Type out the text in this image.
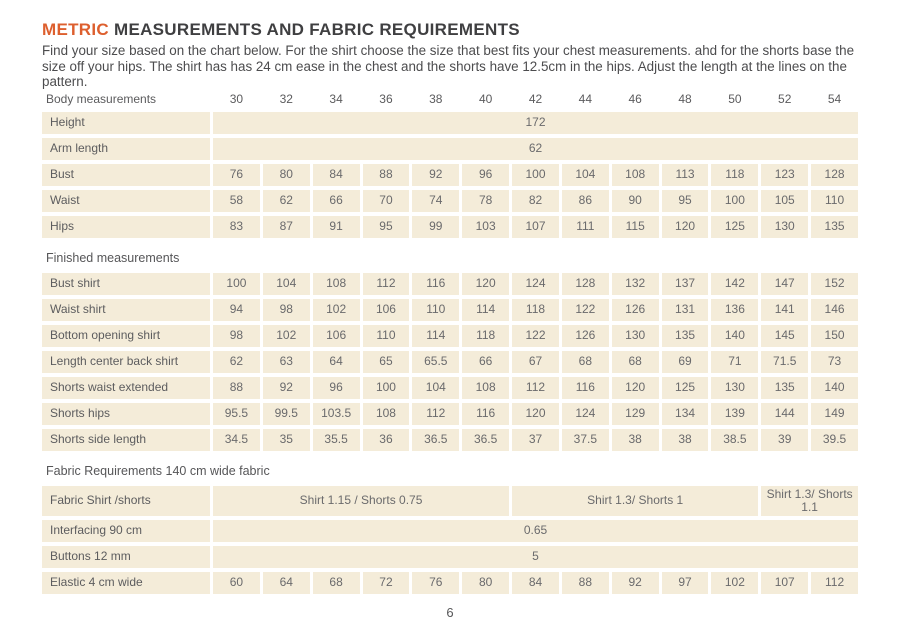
METRIC MEASUREMENTS AND FABRIC REQUIREMENTS

Find your size based on the chart below. For the shirt choose the size that best fits your chest measurements. ahd for the shorts base the size off your hips. The shirt has has 24 cm ease in the chest and the shorts have 12.5cm in the hips. Adjust the length at the lines on the pattern.

Body measurements	30	32	34	36	38	40	42	44	46	48	50	52	54
Height	172
Arm length	62
Bust	76	80	84	88	92	96	100	104	108	113	118	123	128
Waist	58	62	66	70	74	78	82	86	90	95	100	105	110
Hips	83	87	91	95	99	103	107	111	115	120	125	130	135
Finished measurements
Bust shirt	100	104	108	112	116	120	124	128	132	137	142	147	152
Waist shirt	94	98	102	106	110	114	118	122	126	131	136	141	146
Bottom opening shirt	98	102	106	110	114	118	122	126	130	135	140	145	150
Length center back shirt	62	63	64	65	65.5	66	67	68	68	69	71	71.5	73
Shorts waist extended	88	92	96	100	104	108	112	116	120	125	130	135	140
Shorts hips	95.5	99.5	103.5	108	112	116	120	124	129	134	139	144	149
Shorts side length	34.5	35	35.5	36	36.5	36.5	37	37.5	38	38	38.5	39	39.5
Fabric Requirements 140 cm wide fabric
Fabric Shirt /shorts	Shirt 1.15 / Shorts 0.75	Shirt 1.3/ Shorts 1	Shirt 1.3/ Shorts 1.1
Interfacing 90 cm	0.65
Buttons 12 mm	5
Elastic 4 cm wide	60	64	68	72	76	80	84	88	92	97	102	107	112
6
